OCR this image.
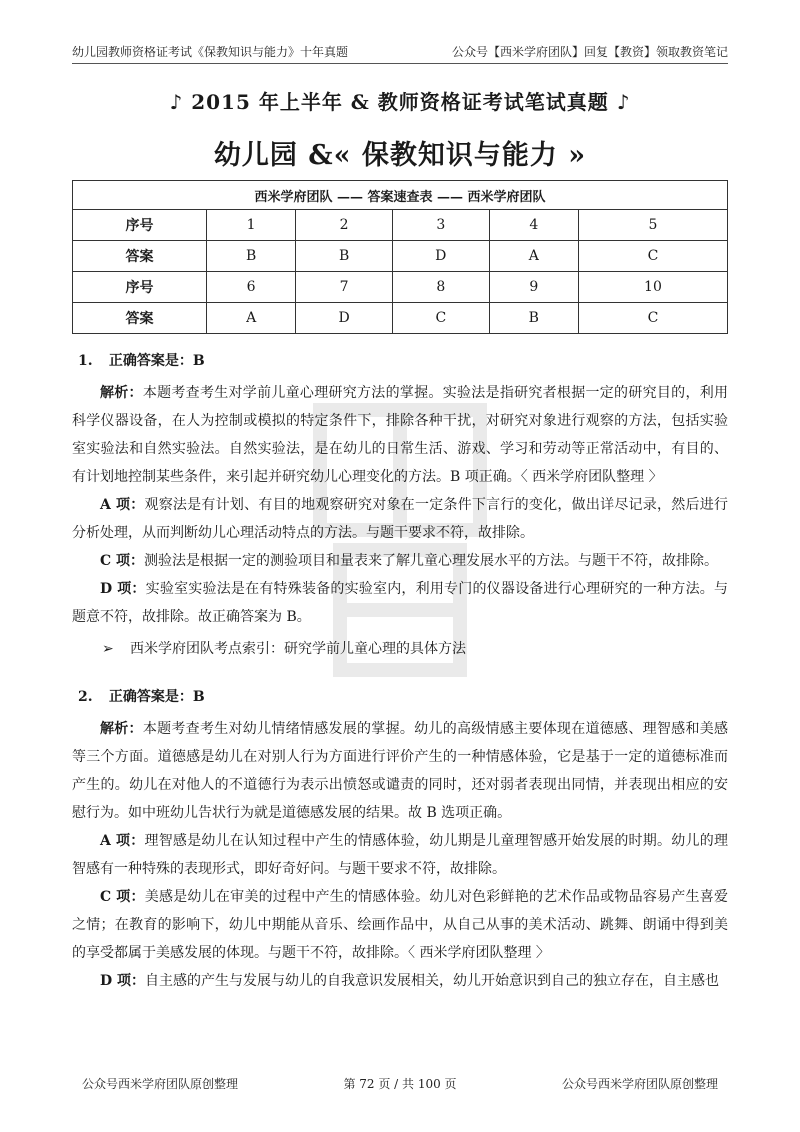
幼儿园教师资格证考试《保教知识与能力》十年真题	公众号【西米学府团队】回复【教资】领取教资笔记
♪ 2015 年上半年 & 教师资格证考试笔试真题 ♪
幼儿园 &« 保教知识与能力 »
西米学府团队 —— 答案速查表 —— 西米学府团队					
序号	1	2	3	4	5
答案	B	B	D	A	C
序号	6	7	8	9	10
答案	A	D	C	B	C
1. 正确答案是：B

解析：本题考查考生对学前儿童心理研究方法的掌握。实验法是指研究者根据一定的研究目的，利用科学仪器设备，在人为控制或模拟的特定条件下，排除各种干扰，对研究对象进行观察的方法，包括实验室实验法和自然实验法。自然实验法，是在幼儿的日常生活、游戏、学习和劳动等正常活动中，有目的、有计划地控制某些条件，来引起并研究幼儿心理变化的方法。B 项正确。〈 西米学府团队整理 〉

A 项：观察法是有计划、有目的地观察研究对象在一定条件下言行的变化，做出详尽记录，然后进行分析处理，从而判断幼儿心理活动特点的方法。与题干要求不符，故排除。

C 项：测验法是根据一定的测验项目和量表来了解儿童心理发展水平的方法。与题干不符，故排除。

D 项：实验室实验法是在有特殊装备的实验室内，利用专门的仪器设备进行心理研究的一种方法。与题意不符，故排除。故正确答案为 B。

➢ 西米学府团队考点索引：研究学前儿童心理的具体方法

2. 正确答案是：B

解析：本题考查考生对幼儿情绪情感发展的掌握。幼儿的高级情感主要体现在道德感、理智感和美感等三个方面。道德感是幼儿在对别人行为方面进行评价产生的一种情感体验，它是基于一定的道德标准而产生的。幼儿在对他人的不道德行为表示出愤怒或谴责的同时，还对弱者表现出同情，并表现出相应的安慰行为。如中班幼儿告状行为就是道德感发展的结果。故 B 选项正确。

A 项：理智感是幼儿在认知过程中产生的情感体验，幼儿期是儿童理智感开始发展的时期。幼儿的理智感有一种特殊的表现形式，即好奇好问。与题干要求不符，故排除。

C 项：美感是幼儿在审美的过程中产生的情感体验。幼儿对色彩鲜艳的艺术作品或物品容易产生喜爱之情；在教育的影响下，幼儿中期能从音乐、绘画作品中，从自己从事的美术活动、跳舞、朗诵中得到美的享受都属于美感发展的体现。与题干不符，故排除。〈 西米学府团队整理 〉

D 项：自主感的产生与发展与幼儿的自我意识发展相关，幼儿开始意识到自己的独立存在，自主感也

公众号西米学府团队原创整理	第 72 页 / 共 100 页	公众号西米学府团队原创整理
